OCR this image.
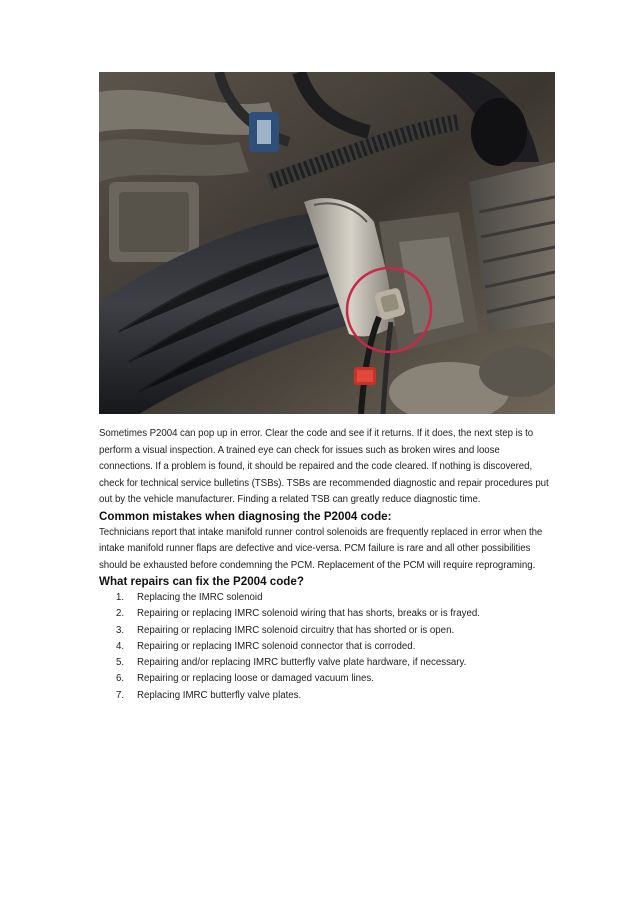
Sometimes P2004 can pop up in error. Clear the code and see if it returns. If it does, the next step is to perform a visual inspection. A trained eye can check for issues such as broken wires and loose connections. If a problem is found, it should be repaired and the code cleared. If nothing is discovered, check for technical service bulletins (TSBs). TSBs are recommended diagnostic and repair procedures put out by the vehicle manufacturer. Finding a related TSB can greatly reduce diagnostic time.

Common mistakes when diagnosing the P2004 code:

Technicians report that intake manifold runner control solenoids are frequently replaced in error when the intake manifold runner flaps are defective and vice-versa. PCM failure is rare and all other possibilities should be exhausted before condemning the PCM. Replacement of the PCM will require reprograming.

What repairs can fix the P2004 code?
1. Replacing the IMRC solenoid
2. Repairing or replacing IMRC solenoid wiring that has shorts, breaks or is frayed.
3. Repairing or replacing IMRC solenoid circuitry that has shorted or is open.
4. Repairing or replacing IMRC solenoid connector that is corroded.
5. Repairing and/or replacing IMRC butterfly valve plate hardware, if necessary.
6. Repairing or replacing loose or damaged vacuum lines.
7. Replacing IMRC butterfly valve plates.
